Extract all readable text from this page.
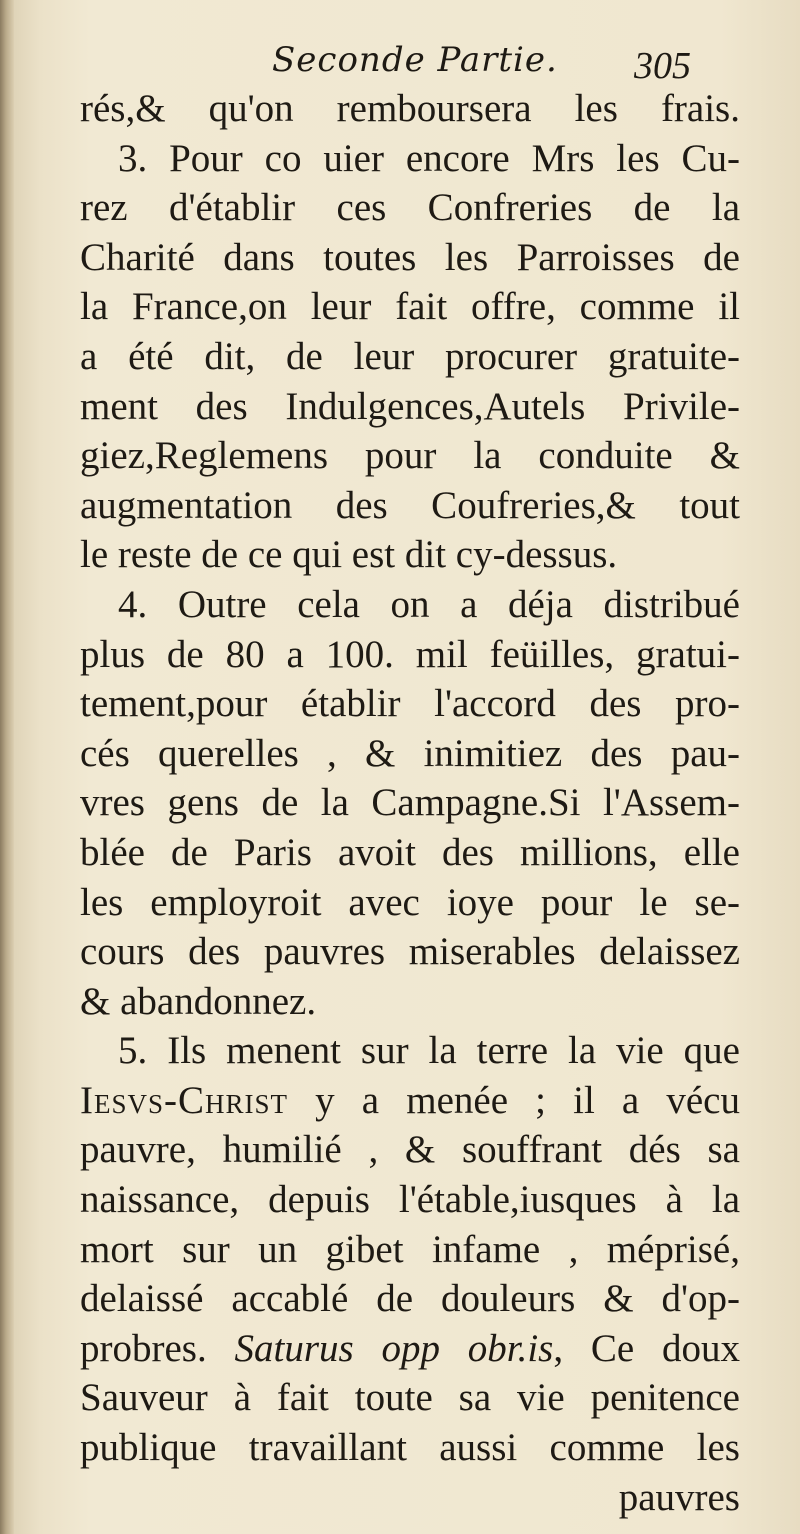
Seconde Partie. 305
rés,& qu'on remboursera les frais.
3. Pour co uier encore Mrs les Cu-
rez d'établir ces Confreries de la
Charité dans toutes les Parroisses de
la France,on leur fait offre, comme il
a été dit, de leur procurer gratuite-
ment des Indulgences,Autels Privile-
giez,Reglemens pour la conduite &
augmentation des Coufreries,& tout
le reste de ce qui est dit cy-dessus.
4. Outre cela on a déja distribué
plus de 80 a 100. mil feüilles, gratui-
tement,pour établir l'accord des pro-
cés querelles , & inimitiez des pau-
vres gens de la Campagne.Si l'Assem-
blée de Paris avoit des millions, elle
les employroit avec ioye pour le se-
cours des pauvres miserables delaissez
& abandonnez.
5. Ils menent sur la terre la vie que
Iesvs-Christ y a menée ; il a vécu
pauvre, humilié , & souffrant dés sa
naissance, depuis l'étable,iusques à la
mort sur un gibet infame , méprisé,
delaissé accablé de douleurs & d'op-
probres. Saturus opp obr.is, Ce doux
Sauveur à fait toute sa vie penitence
publique travaillant aussi comme les
pauvres
